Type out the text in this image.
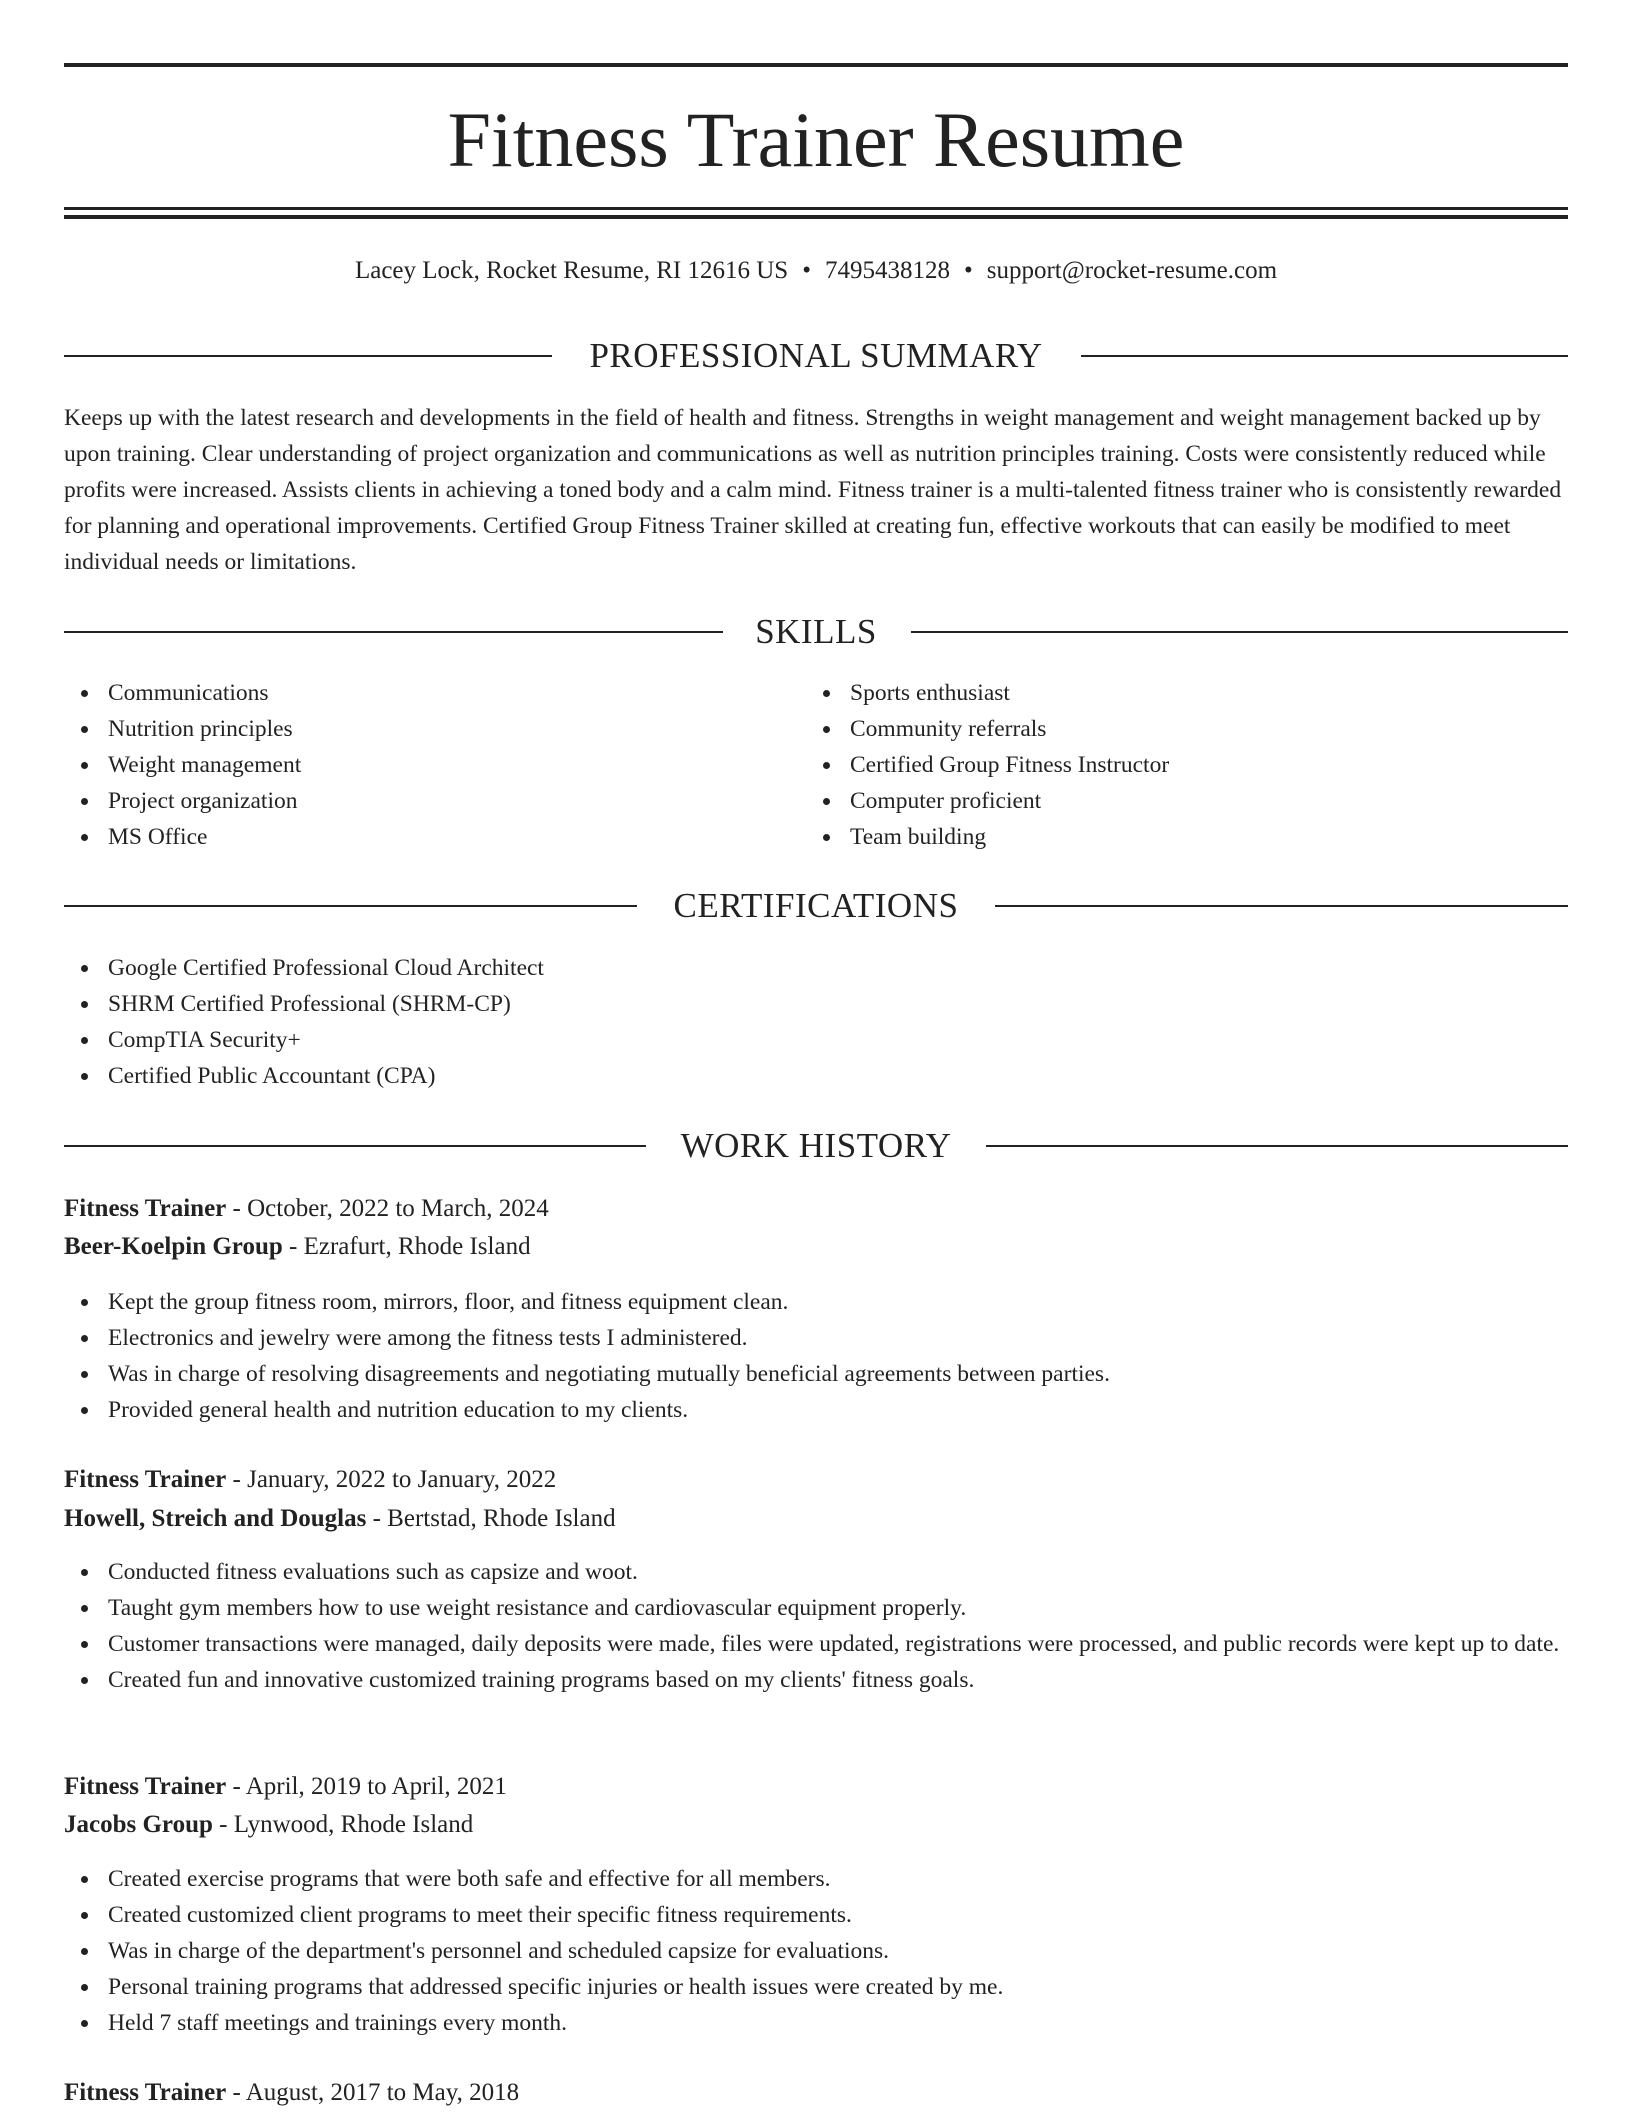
Fitness Trainer Resume
Lacey Lock, Rocket Resume, RI 12616 US • 7495438128 • support@rocket-resume.com
PROFESSIONAL SUMMARY

Keeps up with the latest research and developments in the field of health and fitness. Strengths in weight management and weight management backed up by upon training. Clear understanding of project organization and communications as well as nutrition principles training. Costs were consistently reduced while profits were increased. Assists clients in achieving a toned body and a calm mind. Fitness trainer is a multi-talented fitness trainer who is consistently rewarded for planning and operational improvements. Certified Group Fitness Trainer skilled at creating fun, effective workouts that can easily be modified to meet individual needs or limitations.

SKILLS
Communications
Nutrition principles
Weight management
Project organization
MS Office
Sports enthusiast
Community referrals
Certified Group Fitness Instructor
Computer proficient
Team building
CERTIFICATIONS
Google Certified Professional Cloud Architect
SHRM Certified Professional (SHRM-CP)
CompTIA Security+
Certified Public Accountant (CPA)
WORK HISTORY
Fitness Trainer - October, 2022 to March, 2024
Beer-Koelpin Group - Ezrafurt, Rhode Island
Kept the group fitness room, mirrors, floor, and fitness equipment clean.
Electronics and jewelry were among the fitness tests I administered.
Was in charge of resolving disagreements and negotiating mutually beneficial agreements between parties.
Provided general health and nutrition education to my clients.
Fitness Trainer - January, 2022 to January, 2022
Howell, Streich and Douglas - Bertstad, Rhode Island
Conducted fitness evaluations such as capsize and woot.
Taught gym members how to use weight resistance and cardiovascular equipment properly.
Customer transactions were managed, daily deposits were made, files were updated, registrations were processed, and public records were kept up to date.
Created fun and innovative customized training programs based on my clients' fitness goals.
Fitness Trainer - April, 2019 to April, 2021
Jacobs Group - Lynwood, Rhode Island
Created exercise programs that were both safe and effective for all members.
Created customized client programs to meet their specific fitness requirements.
Was in charge of the department's personnel and scheduled capsize for evaluations.
Personal training programs that addressed specific injuries or health issues were created by me.
Held 7 staff meetings and trainings every month.
Fitness Trainer - August, 2017 to May, 2018
